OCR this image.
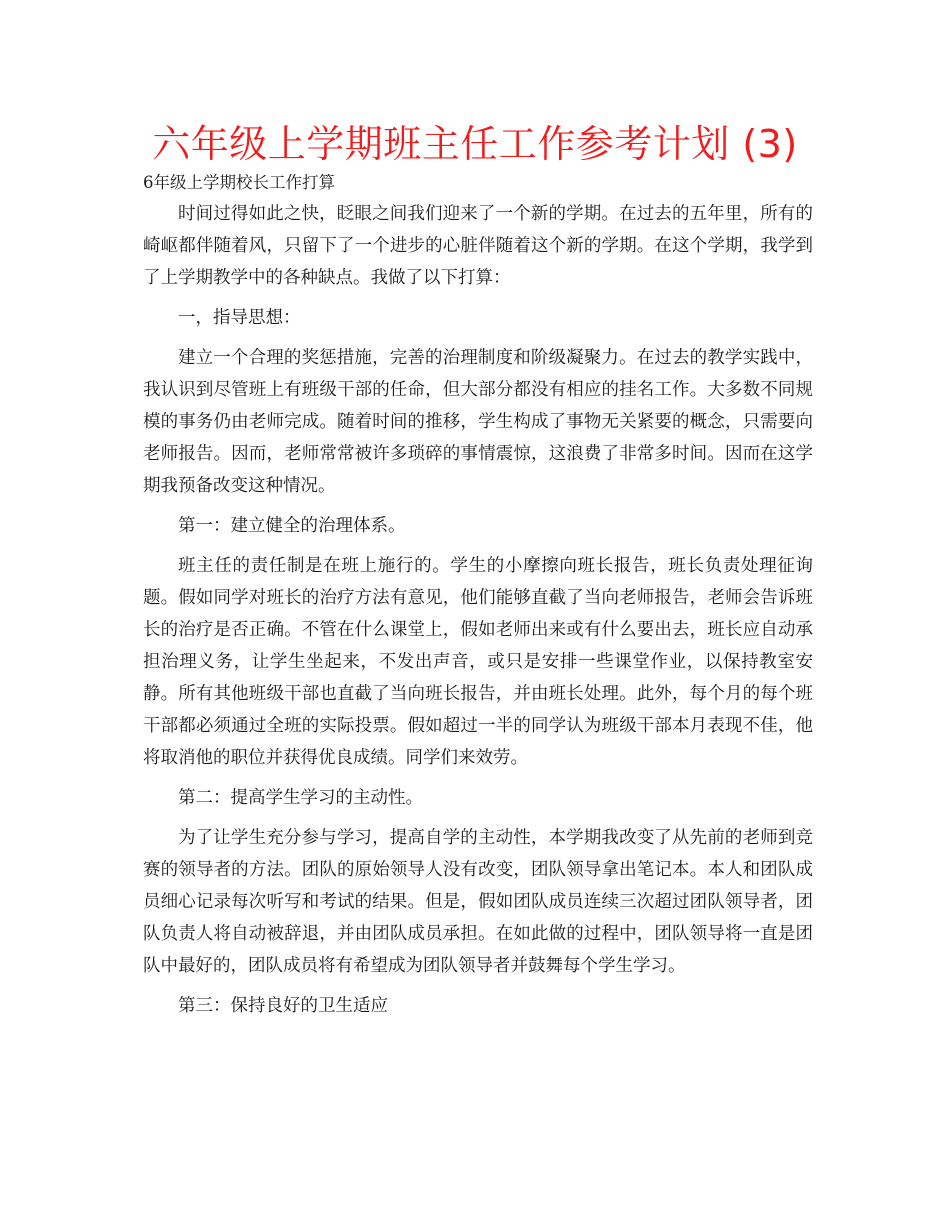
六年级上学期班主任工作参考计划 (3)

6年级上学期校长工作打算

时间过得如此之快，眨眼之间我们迎来了一个新的学期。在过去的五年里，所有的崎岖都伴随着风，只留下了一个进步的心脏伴随着这个新的学期。在这个学期，我学到了上学期教学中的各种缺点。我做了以下打算：

一，指导思想：

建立一个合理的奖惩措施，完善的治理制度和阶级凝聚力。在过去的教学实践中，我认识到尽管班上有班级干部的任命，但大部分都没有相应的挂名工作。大多数不同规模的事务仍由老师完成。随着时间的推移，学生构成了事物无关紧要的概念，只需要向老师报告。因而，老师常常被许多琐碎的事情震惊，这浪费了非常多时间。因而在这学期我预备改变这种情况。

第一：建立健全的治理体系。

班主任的责任制是在班上施行的。学生的小摩擦向班长报告，班长负责处理征询题。假如同学对班长的治疗方法有意见，他们能够直截了当向老师报告，老师会告诉班长的治疗是否正确。不管在什么课堂上，假如老师出来或有什么要出去，班长应自动承担治理义务，让学生坐起来，不发出声音，或只是安排一些课堂作业，以保持教室安静。所有其他班级干部也直截了当向班长报告，并由班长处理。此外，每个月的每个班干部都必须通过全班的实际投票。假如超过一半的同学认为班级干部本月表现不佳，他将取消他的职位并获得优良成绩。同学们来效劳。

第二：提高学生学习的主动性。

为了让学生充分参与学习，提高自学的主动性，本学期我改变了从先前的老师到竞赛的领导者的方法。团队的原始领导人没有改变，团队领导拿出笔记本。本人和团队成员细心记录每次听写和考试的结果。但是，假如团队成员连续三次超过团队领导者，团队负责人将自动被辞退，并由团队成员承担。在如此做的过程中，团队领导将一直是团队中最好的，团队成员将有希望成为团队领导者并鼓舞每个学生学习。

第三：保持良好的卫生适应
